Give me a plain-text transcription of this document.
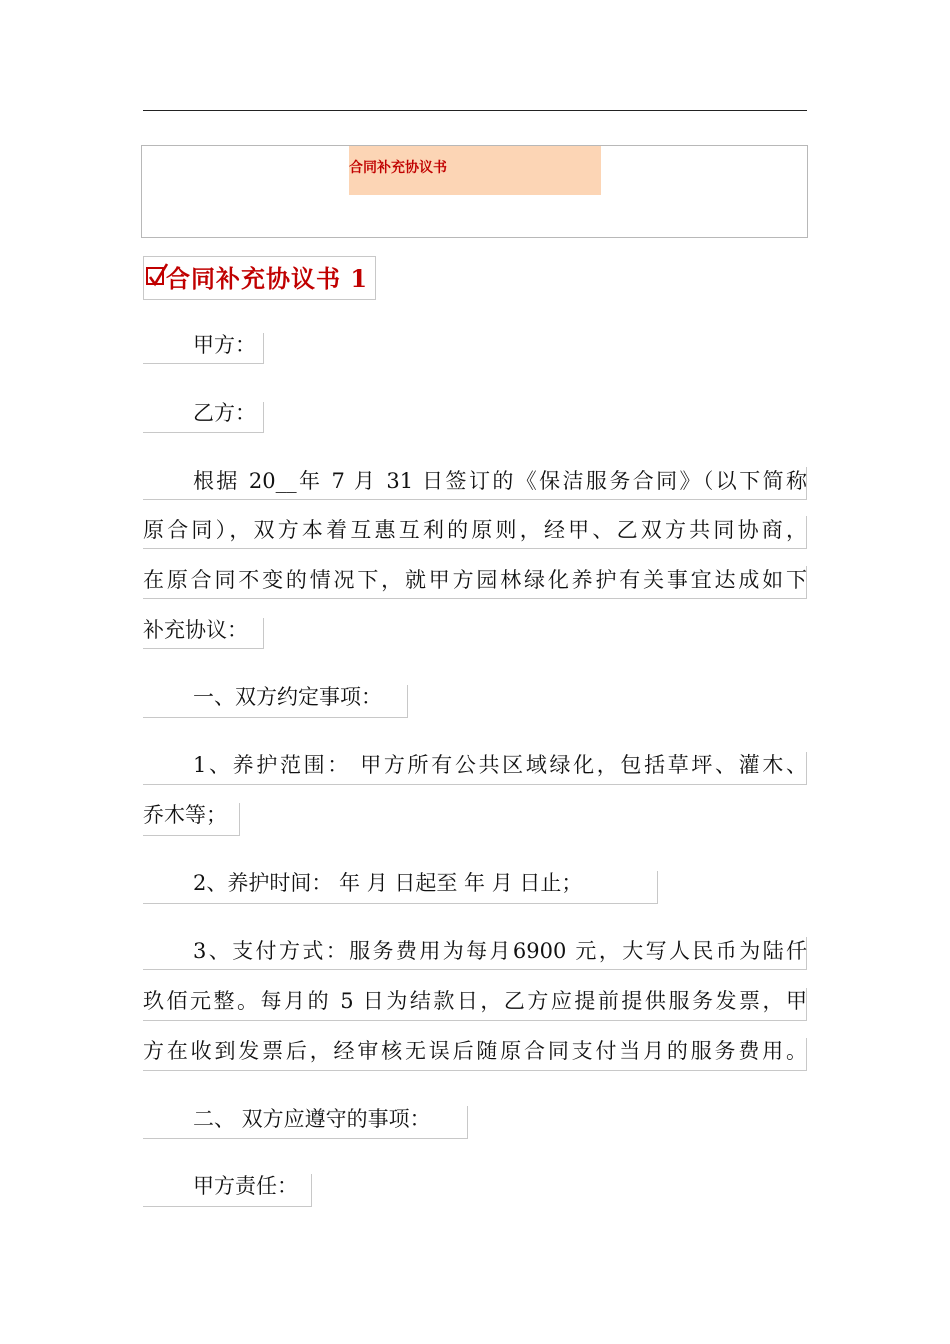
合同补充协议书
合同补充协议书 1
甲方：
乙方：
根据 20__年 7 月 31 日签订的《保洁服务合同》（以下简称
原合同），双方本着互惠互利的原则，经甲、乙双方共同协商，
在原合同不变的情况下，就甲方园林绿化养护有关事宜达成如下
补充协议：
一、双方约定事项：
1、养护范围： 甲方所有公共区域绿化，包括草坪、灌木、
乔木等；
2、养护时间： 年 月 日起至 年 月 日止；
3、支付方式：服务费用为每月6900 元，大写人民币为陆仟
玖佰元整。每月的 5 日为结款日，乙方应提前提供服务发票，甲
方在收到发票后，经审核无误后随原合同支付当月的服务费用。
二、 双方应遵守的事项：
甲方责任：
